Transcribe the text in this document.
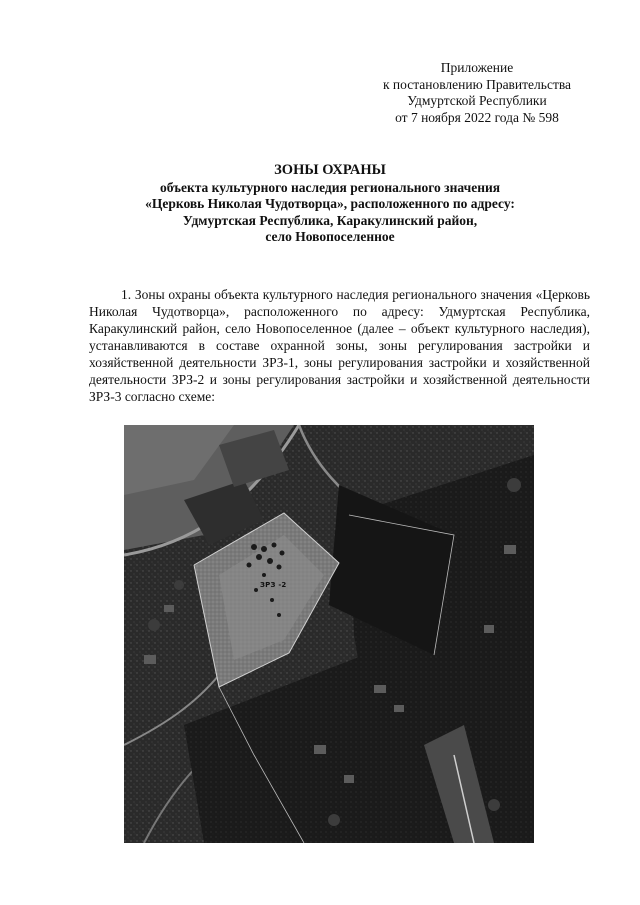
Приложение
к постановлению Правительства
Удмуртской Республики
от 7 ноября 2022 года № 598
ЗОНЫ ОХРАНЫ
объекта культурного наследия регионального значения
«Церковь Николая Чудотворца», расположенного по адресу:
Удмуртская Республика, Каракулинский район,
село Новопоселенное
1. Зоны охраны объекта культурного наследия регионального значения «Церковь Николая Чудотворца», расположенного по адресу: Удмуртская Республика, Каракулинский район, село Новопоселенное (далее – объект культурного наследия), устанавливаются в составе охранной зоны, зоны регулирования застройки и хозяйственной деятельности ЗРЗ-1, зоны регулирования застройки и хозяйственной деятельности ЗРЗ-2 и зоны регулирования застройки и хозяйственной деятельности ЗРЗ-3 согласно схеме:
ЗРЗ -2
